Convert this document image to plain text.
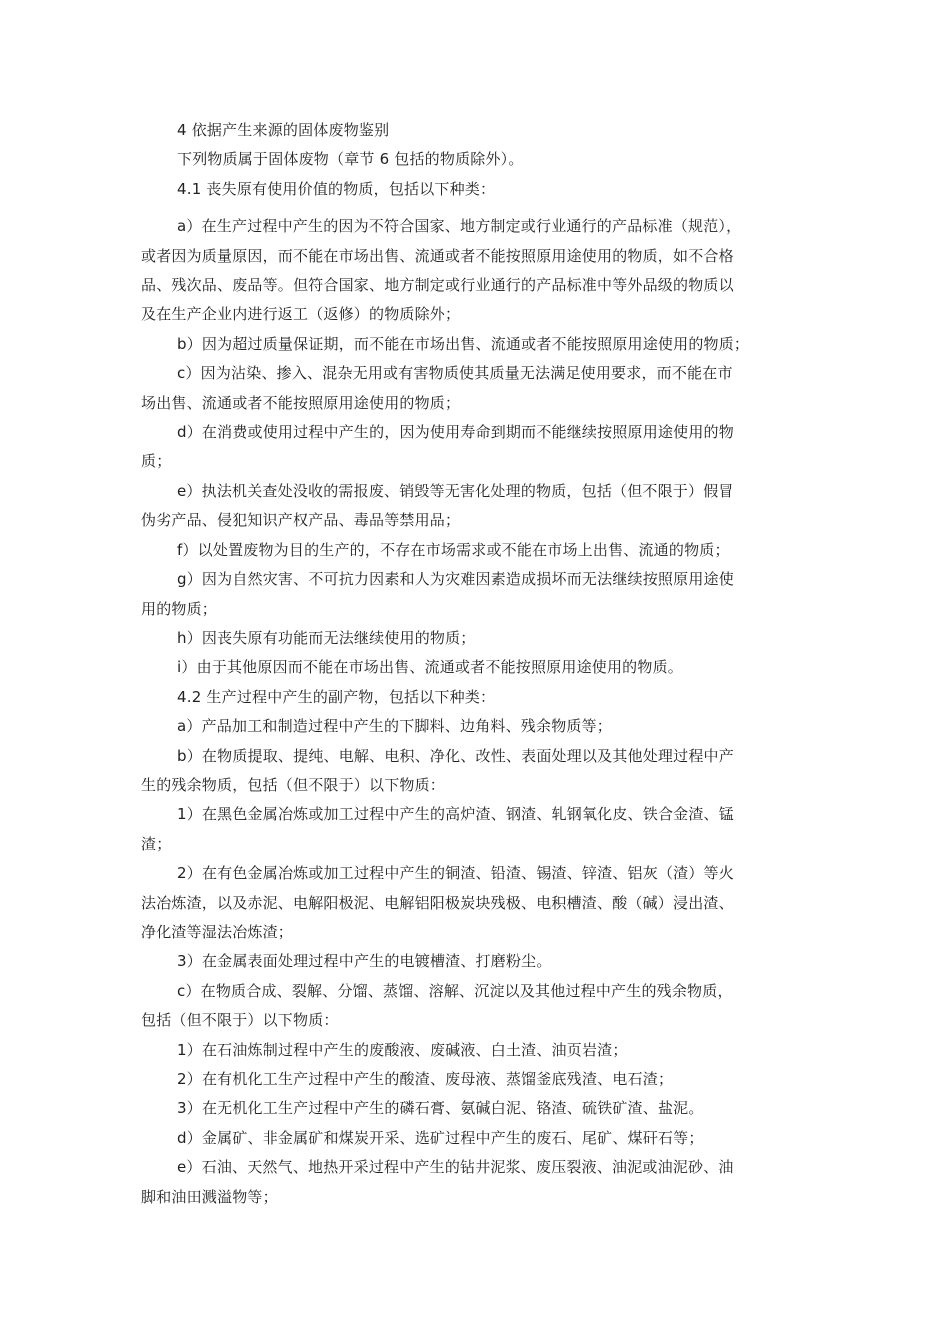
4 依据产生来源的固体废物鉴别

下列物质属于固体废物（章节 6 包括的物质除外）。

4.1 丧失原有使用价值的物质，包括以下种类：

a）在生产过程中产生的因为不符合国家、地方制定或行业通行的产品标准（规范），

或者因为质量原因，而不能在市场出售、流通或者不能按照原用途使用的物质，如不合格

品、残次品、废品等。但符合国家、地方制定或行业通行的产品标准中等外品级的物质以

及在生产企业内进行返工（返修）的物质除外；

b）因为超过质量保证期，而不能在市场出售、流通或者不能按照原用途使用的物质；

c）因为沾染、掺入、混杂无用或有害物质使其质量无法满足使用要求，而不能在市

场出售、流通或者不能按照原用途使用的物质；

d）在消费或使用过程中产生的，因为使用寿命到期而不能继续按照原用途使用的物

质；

e）执法机关查处没收的需报废、销毁等无害化处理的物质，包括（但不限于）假冒

伪劣产品、侵犯知识产权产品、毒品等禁用品；

f）以处置废物为目的生产的，不存在市场需求或不能在市场上出售、流通的物质；

g）因为自然灾害、不可抗力因素和人为灾难因素造成损坏而无法继续按照原用途使

用的物质；

h）因丧失原有功能而无法继续使用的物质；

i）由于其他原因而不能在市场出售、流通或者不能按照原用途使用的物质。

4.2 生产过程中产生的副产物，包括以下种类：

a）产品加工和制造过程中产生的下脚料、边角料、残余物质等；

b）在物质提取、提纯、电解、电积、净化、改性、表面处理以及其他处理过程中产

生的残余物质，包括（但不限于）以下物质：

1）在黑色金属冶炼或加工过程中产生的高炉渣、钢渣、轧钢氧化皮、铁合金渣、锰

渣；

2）在有色金属冶炼或加工过程中产生的铜渣、铅渣、锡渣、锌渣、铝灰（渣）等火

法冶炼渣，以及赤泥、电解阳极泥、电解铝阳极炭块残极、电积槽渣、酸（碱）浸出渣、

净化渣等湿法冶炼渣；

3）在金属表面处理过程中产生的电镀槽渣、打磨粉尘。

c）在物质合成、裂解、分馏、蒸馏、溶解、沉淀以及其他过程中产生的残余物质，

包括（但不限于）以下物质：

1）在石油炼制过程中产生的废酸液、废碱液、白土渣、油页岩渣；

2）在有机化工生产过程中产生的酸渣、废母液、蒸馏釜底残渣、电石渣；

3）在无机化工生产过程中产生的磷石膏、氨碱白泥、铬渣、硫铁矿渣、盐泥。

d）金属矿、非金属矿和煤炭开采、选矿过程中产生的废石、尾矿、煤矸石等；

e）石油、天然气、地热开采过程中产生的钻井泥浆、废压裂液、油泥或油泥砂、油

脚和油田溅溢物等；
